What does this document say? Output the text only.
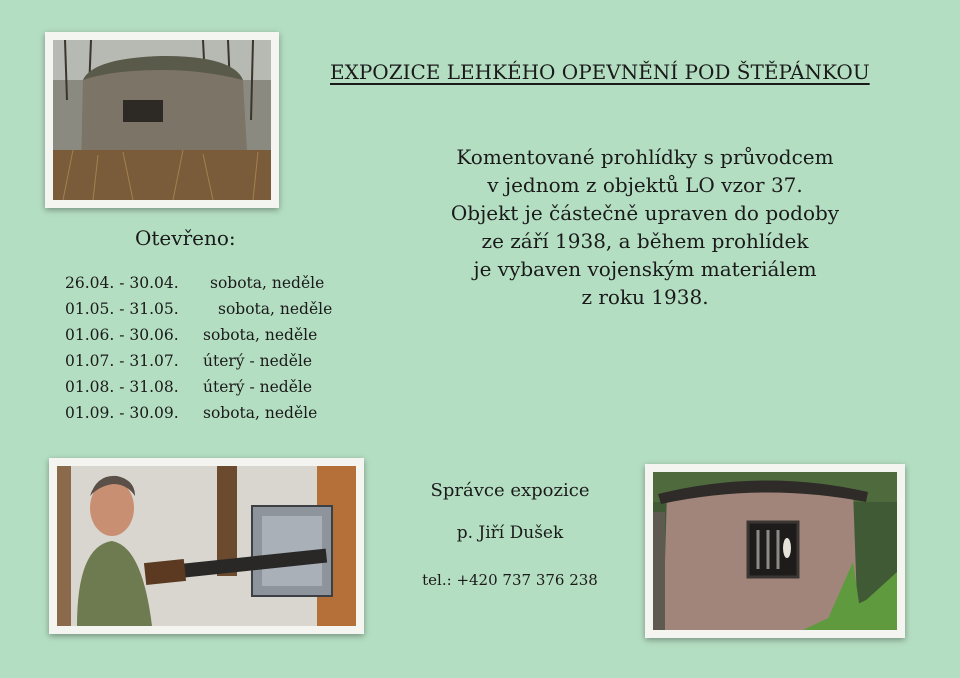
EXPOZICE LEHKÉHO OPEVNĚNÍ POD ŠTĚPÁNKOU
Komentované prohlídky s průvodcem
v jednom z objektů LO vzor 37.
Objekt je částečně upraven do podoby
ze září 1938, a během prohlídek
je vybaven vojenským materiálem
z roku 1938.
Otevřeno:
26.04. - 30.04.	sobota, neděle
01.05. - 31.05.	sobota, neděle
01.06. - 30.06.	sobota, neděle
01.07. - 31.07.	úterý - neděle
01.08. - 31.08.	úterý - neděle
01.09. - 30.09.	sobota, neděle
Správce expozice
p. Jiří Dušek
tel.: +420 737 376 238
